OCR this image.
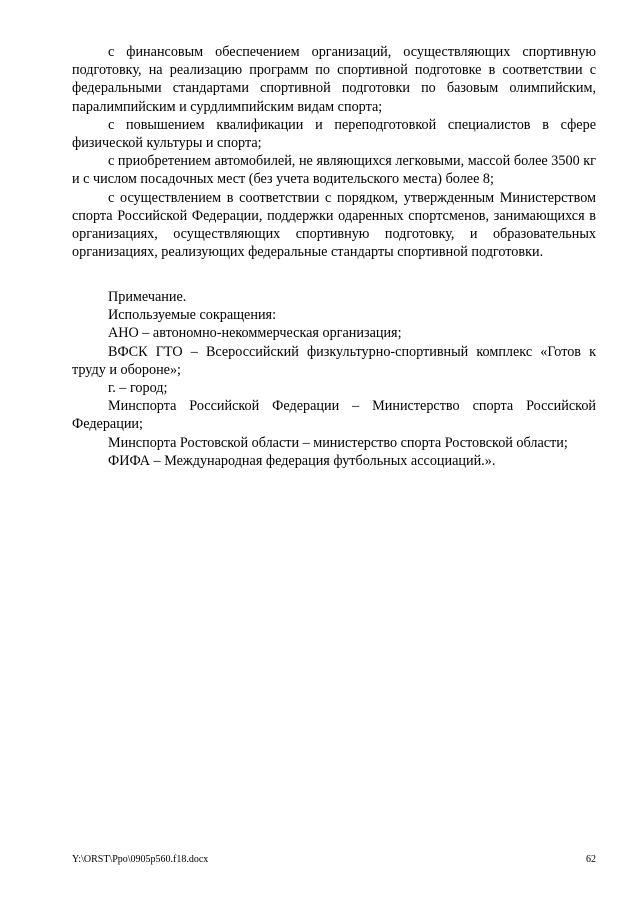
с финансовым обеспечением организаций, осуществляющих спортивную подготовку, на реализацию программ по спортивной подготовке в соответствии с федеральными стандартами спортивной подготовки по базовым олимпийским, паралимпийским и сурдлимпийским видам спорта;

с повышением квалификации и переподготовкой специалистов в сфере физической культуры и спорта;

с приобретением автомобилей, не являющихся легковыми, массой более 3500 кг и с числом посадочных мест (без учета водительского места) более 8;

с осуществлением в соответствии с порядком, утвержденным Министерством спорта Российской Федерации, поддержки одаренных спортсменов, занимающихся в организациях, осуществляющих спортивную подготовку, и образовательных организациях, реализующих федеральные стандарты спортивной подготовки.

Примечание.

Используемые сокращения:

АНО – автономно-некоммерческая организация;

ВФСК ГТО – Всероссийский физкультурно-спортивный комплекс «Готов к труду и обороне»;

г. – город;

Минспорта Российской Федерации – Министерство спорта Российской Федерации;

Минспорта Ростовской области – министерство спорта Ростовской области;

ФИФА – Международная федерация футбольных ассоциаций.».

Y:\ORST\Ppo\0905p560.f18.docx	62
